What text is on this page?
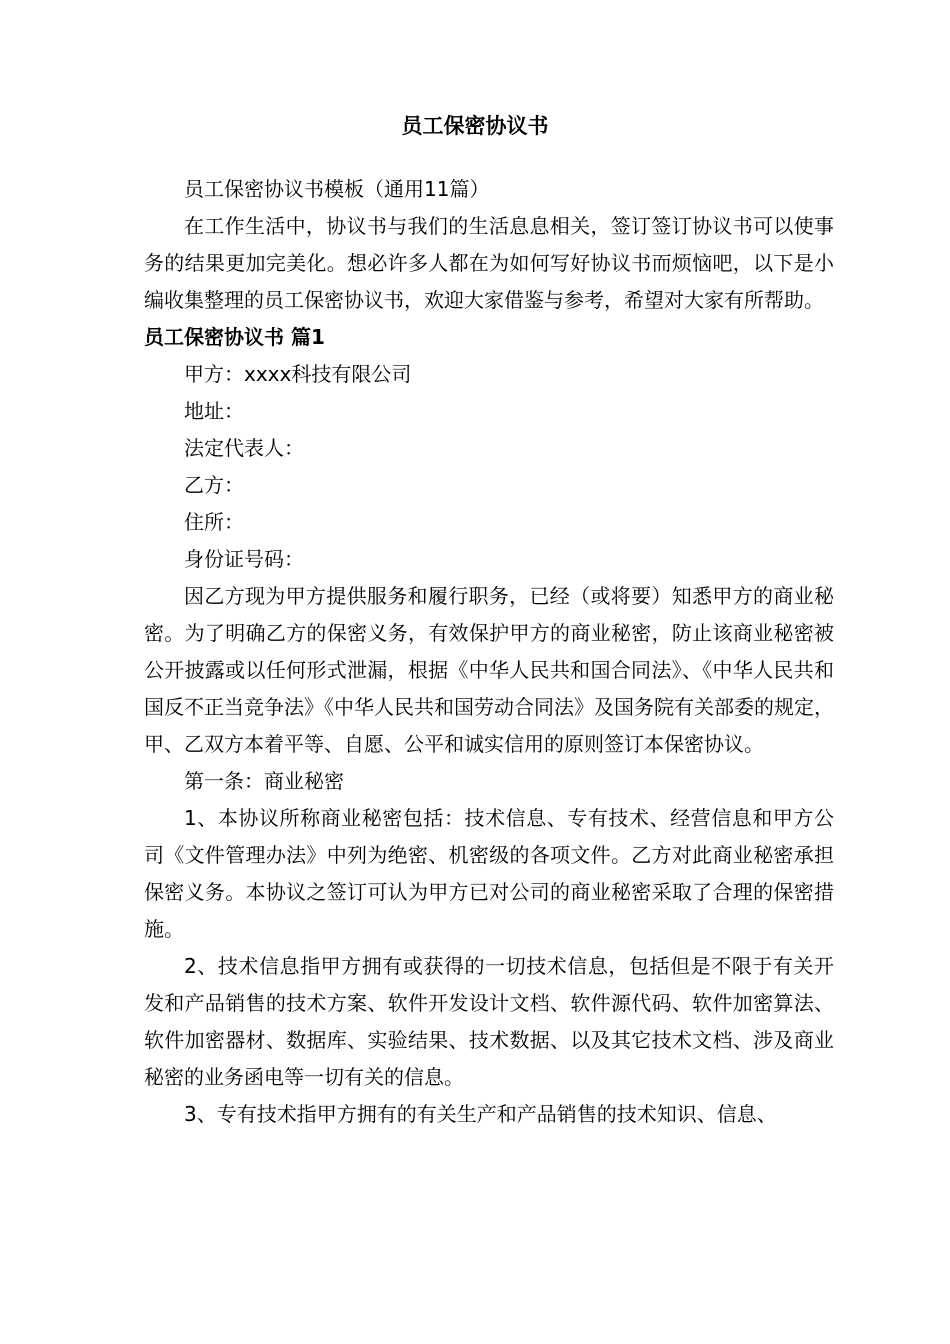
员工保密协议书

员工保密协议书模板（通用11篇）

在工作生活中，协议书与我们的生活息息相关，签订签订协议书可以使事务的结果更加完美化。想必许多人都在为如何写好协议书而烦恼吧，以下是小编收集整理的员工保密协议书，欢迎大家借鉴与参考，希望对大家有所帮助。

员工保密协议书 篇1

甲方：xxxx科技有限公司

地址：

法定代表人：

乙方：

住所：

身份证号码：

因乙方现为甲方提供服务和履行职务，已经（或将要）知悉甲方的商业秘密。为了明确乙方的保密义务，有效保护甲方的商业秘密，防止该商业秘密被公开披露或以任何形式泄漏，根据《中华人民共和国合同法》、《中华人民共和国反不正当竞争法》《中华人民共和国劳动合同法》及国务院有关部委的规定，甲、乙双方本着平等、自愿、公平和诚实信用的原则签订本保密协议。

第一条：商业秘密

1、本协议所称商业秘密包括：技术信息、专有技术、经营信息和甲方公司《文件管理办法》中列为绝密、机密级的各项文件。乙方对此商业秘密承担保密义务。本协议之签订可认为甲方已对公司的商业秘密采取了合理的保密措施。

2、技术信息指甲方拥有或获得的一切技术信息，包括但是不限于有关开发和产品销售的技术方案、软件开发设计文档、软件源代码、软件加密算法、软件加密器材、数据库、实验结果、技术数据、以及其它技术文档、涉及商业秘密的业务函电等一切有关的信息。

3、专有技术指甲方拥有的有关生产和产品销售的技术知识、信息、
